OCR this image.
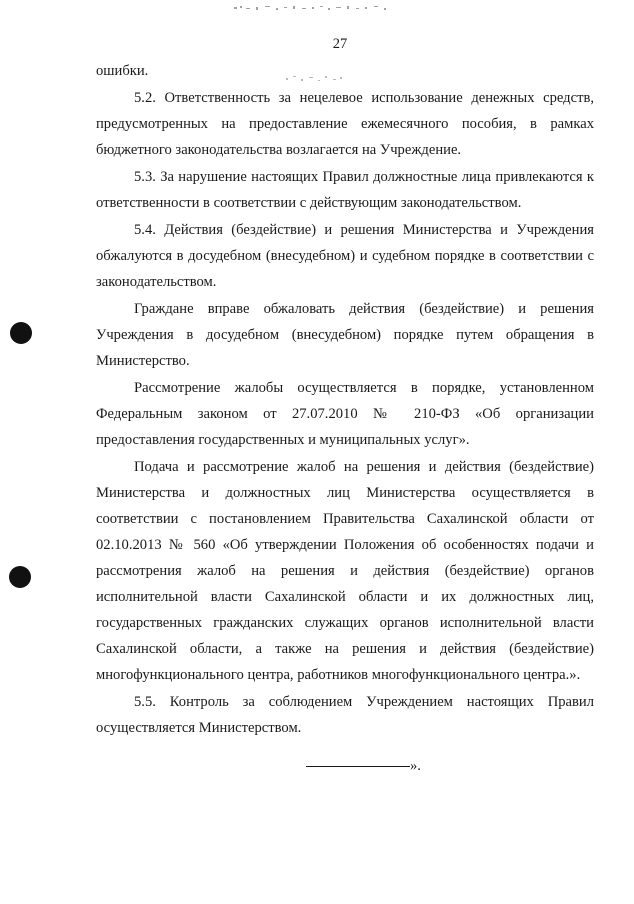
27

ошибки.

5.2. Ответственность за нецелевое использование денежных средств, предусмотренных на предоставление ежемесячного пособия, в рамках бюджетного законодательства возлагается на Учреждение.

5.3. За нарушение настоящих Правил должностные лица привлекаются к ответственности в соответствии с действующим законодательством.

5.4. Действия (бездействие) и решения Министерства и Учреждения обжалуются в досудебном (внесудебном) и судебном порядке в соответствии с законодательством.

Граждане вправе обжаловать действия (бездействие) и решения Учреждения в досудебном (внесудебном) порядке путем обращения в Министерство.

Рассмотрение жалобы осуществляется в порядке, установленном Федеральным законом от 27.07.2010 № 210-ФЗ «Об организации предоставления государственных и муниципальных услуг».

Подача и рассмотрение жалоб на решения и действия (бездействие) Министерства и должностных лиц Министерства осуществляется в соответствии с постановлением Правительства Сахалинской области от 02.10.2013 № 560 «Об утверждении Положения об особенностях подачи и рассмотрения жалоб на решения и действия (бездействие) органов исполнительной власти Сахалинской области и их должностных лиц, государственных гражданских служащих органов исполнительной власти Сахалинской области, а также на решения и действия (бездействие) многофункционального центра, работников многофункционального центра.».

5.5. Контроль за соблюдением Учреждением настоящих Правил осуществляется Министерством.

».
